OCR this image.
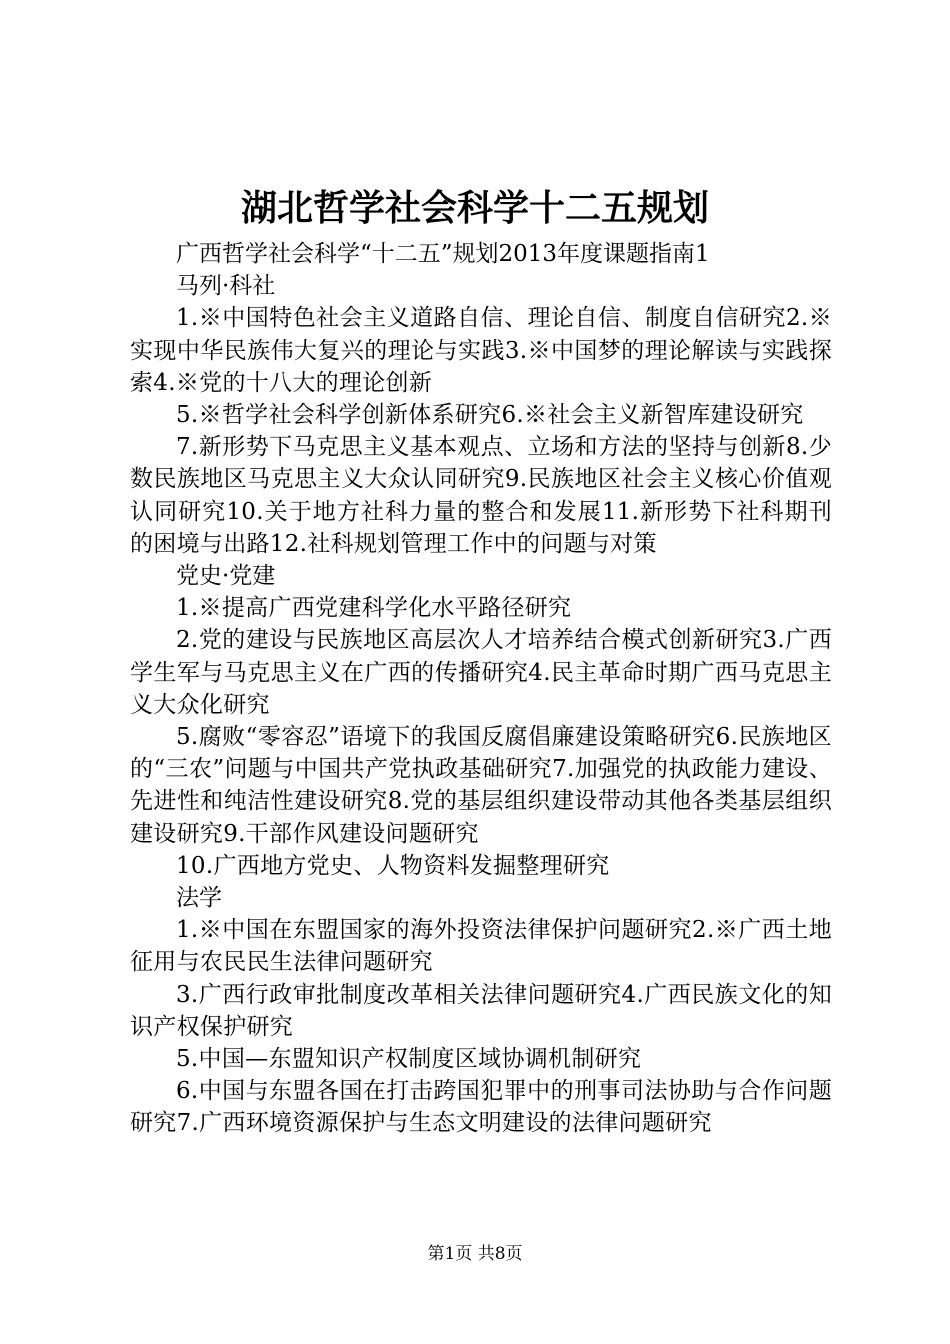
湖北哲学社会科学十二五规划

广西哲学社会科学“十二五”规划2013年度课题指南1

马列·科社

1.※中国特色社会主义道路自信、理论自信、制度自信研究2.※实现中华民族伟大复兴的理论与实践3.※中国梦的理论解读与实践探索4.※党的十八大的理论创新

5.※哲学社会科学创新体系研究6.※社会主义新智库建设研究

7.新形势下马克思主义基本观点、立场和方法的坚持与创新8.少数民族地区马克思主义大众认同研究9.民族地区社会主义核心价值观认同研究10.关于地方社科力量的整合和发展11.新形势下社科期刊的困境与出路12.社科规划管理工作中的问题与对策

党史·党建

1.※提高广西党建科学化水平路径研究

2.党的建设与民族地区高层次人才培养结合模式创新研究3.广西学生军与马克思主义在广西的传播研究4.民主革命时期广西马克思主义大众化研究

5.腐败“零容忍”语境下的我国反腐倡廉建设策略研究6.民族地区的“三农”问题与中国共产党执政基础研究7.加强党的执政能力建设、先进性和纯洁性建设研究8.党的基层组织建设带动其他各类基层组织建设研究9.干部作风建设问题研究

10.广西地方党史、人物资料发掘整理研究

法学

1.※中国在东盟国家的海外投资法律保护问题研究2.※广西土地征用与农民民生法律问题研究

3.广西行政审批制度改革相关法律问题研究4.广西民族文化的知识产权保护研究

5.中国—东盟知识产权制度区域协调机制研究

6.中国与东盟各国在打击跨国犯罪中的刑事司法协助与合作问题研究7.广西环境资源保护与生态文明建设的法律问题研究

第1页 共8页
